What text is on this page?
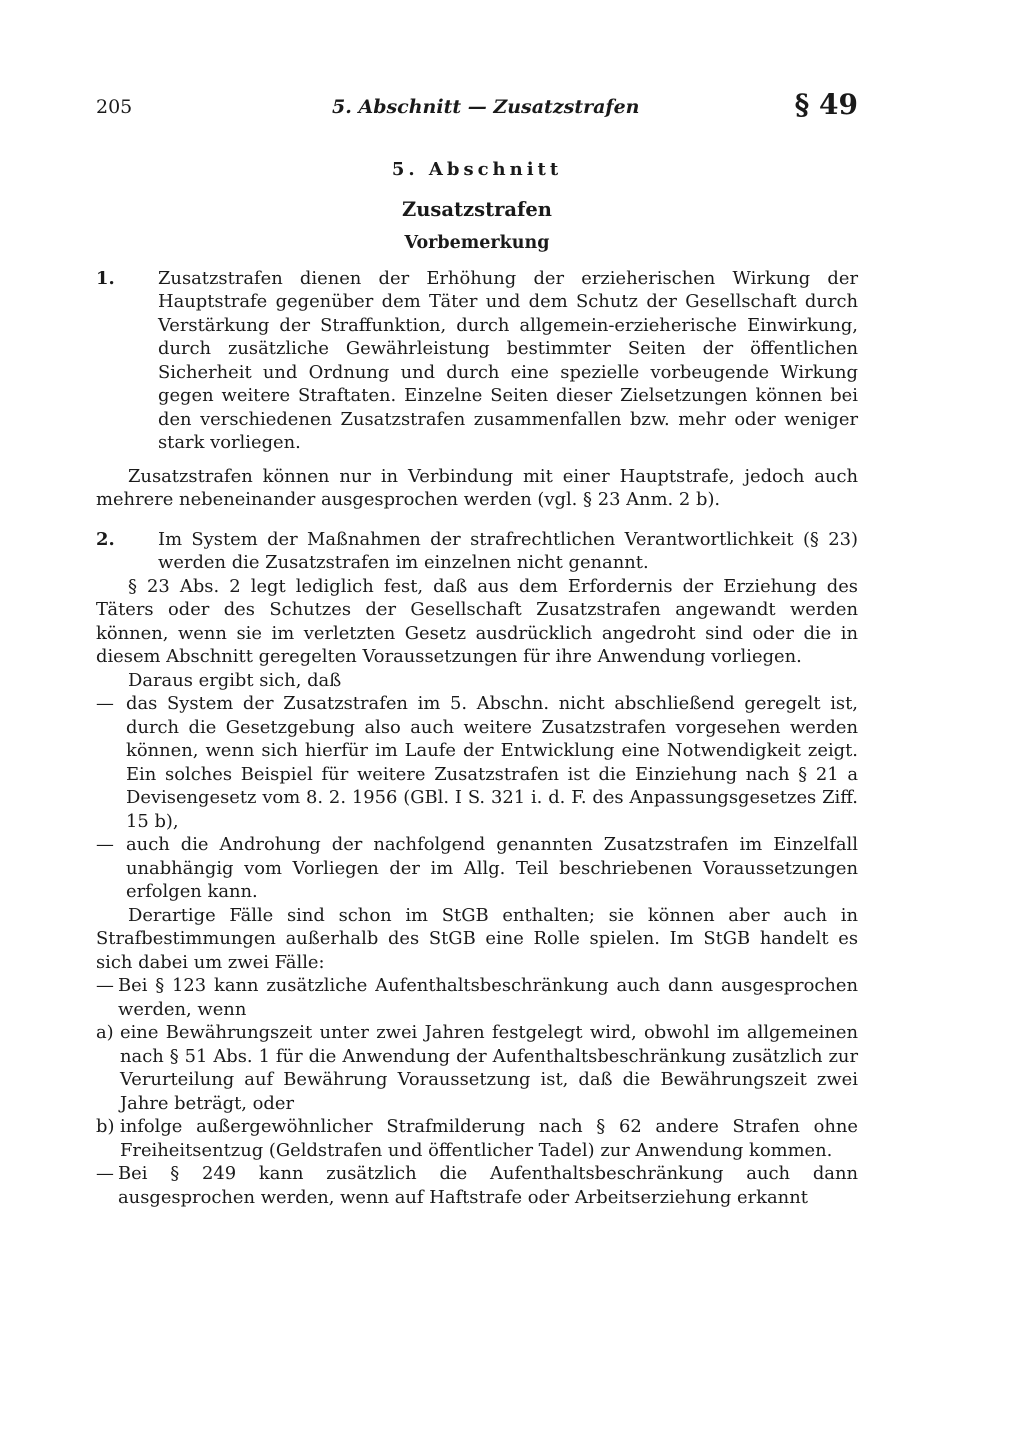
205	5. Abschnitt — Zusatzstrafen	§ 49
5. Abschnitt
Zusatzstrafen
Vorbemerkung
1.	Zusatzstrafen dienen der Erhöhung der erzieherischen Wirkung der Hauptstrafe gegenüber dem Täter und dem Schutz der Gesellschaft durch Verstärkung der Straffunktion, durch allgemein-erzieherische Einwirkung, durch zusätzliche Gewährleistung bestimmter Seiten der öffentlichen Sicherheit und Ordnung und durch eine spezielle vorbeugende Wirkung gegen weitere Straftaten. Einzelne Seiten dieser Zielsetzungen können bei den verschiedenen Zusatzstrafen zusammenfallen bzw. mehr oder weniger stark vorliegen.

Zusatzstrafen können nur in Verbindung mit einer Hauptstrafe, jedoch auch mehrere nebeneinander ausgesprochen werden (vgl. § 23 Anm. 2 b).

2.	Im System der Maßnahmen der strafrechtlichen Verantwortlichkeit (§ 23) werden die Zusatzstrafen im einzelnen nicht genannt.

§ 23 Abs. 2 legt lediglich fest, daß aus dem Erfordernis der Erziehung des Täters oder des Schutzes der Gesellschaft Zusatzstrafen angewandt werden können, wenn sie im verletzten Gesetz ausdrücklich angedroht sind oder die in diesem Abschnitt geregelten Voraussetzungen für ihre Anwendung vorliegen.

Daraus ergibt sich, daß

— das System der Zusatzstrafen im 5. Abschn. nicht abschließend geregelt ist, durch die Gesetzgebung also auch weitere Zusatzstrafen vorgesehen werden können, wenn sich hierfür im Laufe der Entwicklung eine Notwendigkeit zeigt. Ein solches Beispiel für weitere Zusatzstrafen ist die Einziehung nach § 21 a Devisengesetz vom 8. 2. 1956 (GBl. I S. 321 i. d. F. des Anpassungsgesetzes Ziff. 15 b),
— auch die Androhung der nachfolgend genannten Zusatzstrafen im Einzelfall unabhängig vom Vorliegen der im Allg. Teil beschriebenen Voraussetzungen erfolgen kann.

Derartige Fälle sind schon im StGB enthalten; sie können aber auch in Strafbestimmungen außerhalb des StGB eine Rolle spielen. Im StGB handelt es sich dabei um zwei Fälle:

— Bei § 123 kann zusätzliche Aufenthaltsbeschränkung auch dann ausgesprochen werden, wenn
a) eine Bewährungszeit unter zwei Jahren festgelegt wird, obwohl im allgemeinen nach § 51 Abs. 1 für die Anwendung der Aufenthaltsbeschränkung zusätzlich zur Verurteilung auf Bewährung Voraussetzung ist, daß die Bewährungszeit zwei Jahre beträgt, oder
b) infolge außergewöhnlicher Strafmilderung nach § 62 andere Strafen ohne Freiheitsentzug (Geldstrafen und öffentlicher Tadel) zur Anwendung kommen.
— Bei § 249 kann zusätzlich die Aufenthaltsbeschränkung auch dann ausgesprochen werden, wenn auf Haftstrafe oder Arbeitserziehung erkannt
